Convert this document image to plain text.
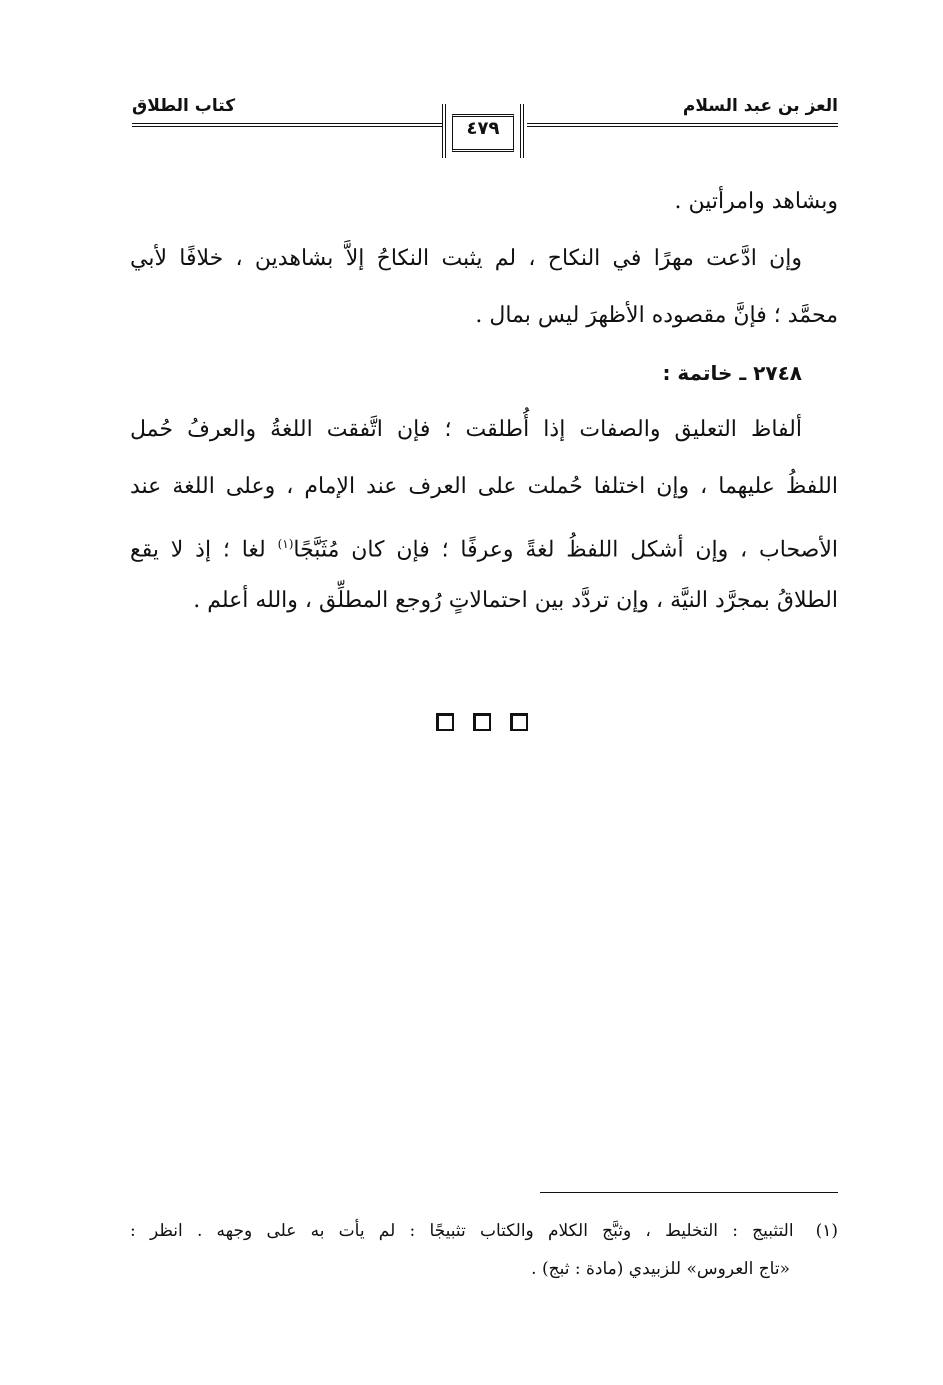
العز بن عبد السلام
كتاب الطلاق
٤٧٩
وبشاهد وامرأتين .
وإن ادَّعت مهرًا في النكاح ، لم يثبت النكاحُ إلاَّ بشاهدين ، خلافًا لأبي
محمَّد ؛ فإنَّ مقصوده الأظهرَ ليس بمال .
٢٧٤٨ ـ خاتمة :
ألفاظ التعليق والصفات إذا أُطلقت ؛ فإن اتَّفقت اللغةُ والعرفُ حُمل
اللفظُ عليهما ، وإن اختلفا حُملت على العرف عند الإمام ، وعلى اللغة عند
الأصحاب ، وإن أشكل اللفظُ لغةً وعرفًا ؛ فإن كان مُثَبَّجًا$^{(١)}$ لغا ؛ إذ لا يقع
الطلاقُ بمجرَّد النيَّة ، وإن تردَّد بين احتمالاتٍ رُوجع المطلِّق ، والله أعلم .
(١)التثبيج : التخليط ، وثبَّج الكلام والكتاب تثبيجًا : لم يأت به على وجهه . انظر :
«تاج العروس» للزبيدي (مادة : ثبج) .
